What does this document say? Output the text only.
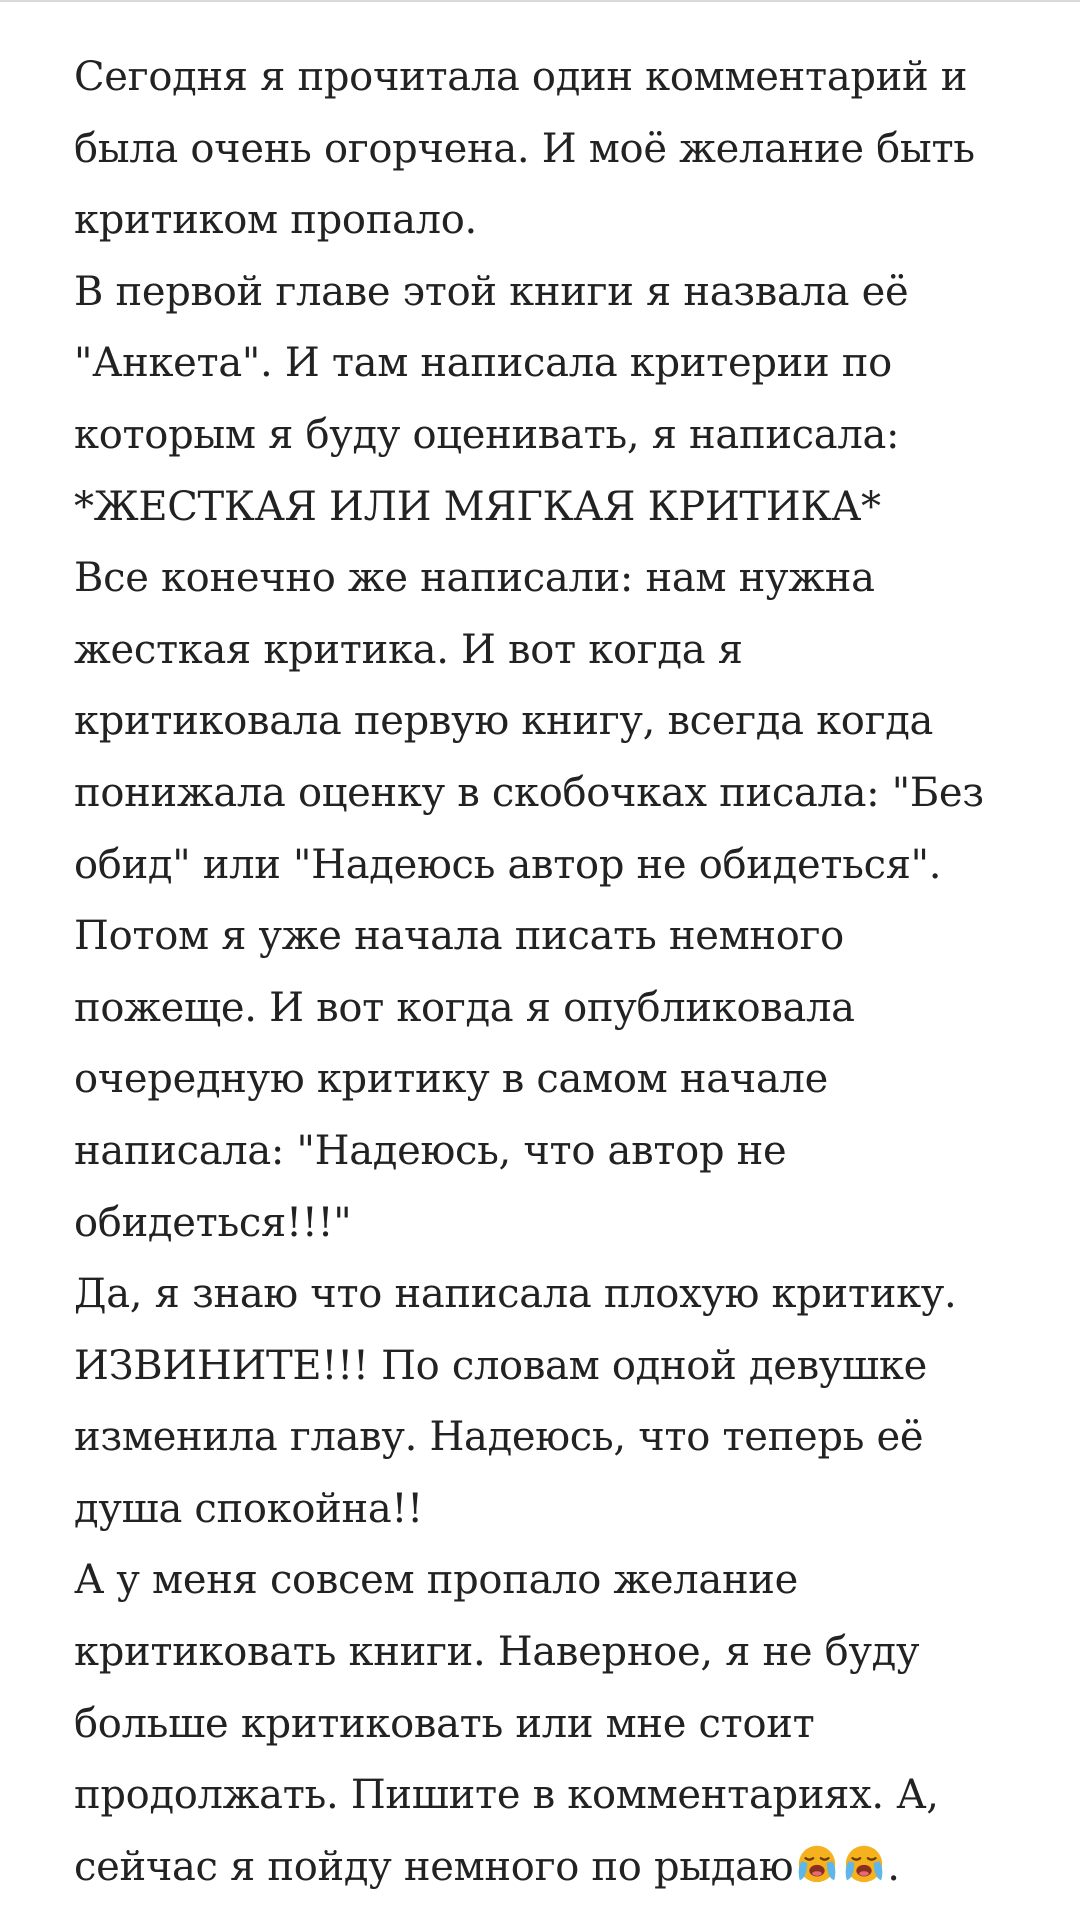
Сегодня я прочитала один комментарий и
была очень огорчена. И моё желание быть
критиком пропало.
В первой главе этой книги я назвала её
"Анкета". И там написала критерии по
которым я буду оценивать, я написала:
*ЖЕСТКАЯ ИЛИ МЯГКАЯ КРИТИКА*
Все конечно же написали: нам нужна
жесткая критика. И вот когда я
критиковала первую книгу, всегда когда
понижала оценку в скобочках писала: "Без
обид" или "Надеюсь автор не обидеться".
Потом я уже начала писать немного
пожеще. И вот когда я опубликовала
очередную критику в самом начале
написала: "Надеюсь, что автор не
обидеться!!!"
Да, я знаю что написала плохую критику.
ИЗВИНИТЕ!!! По словам одной девушке
изменила главу. Надеюсь, что теперь её
душа спокойна!!
А у меня совсем пропало желание
критиковать книги. Наверное, я не буду
больше критиковать или мне стоит
продолжать. Пишите в комментариях. А,
сейчас я пойду немного по рыдаю .
